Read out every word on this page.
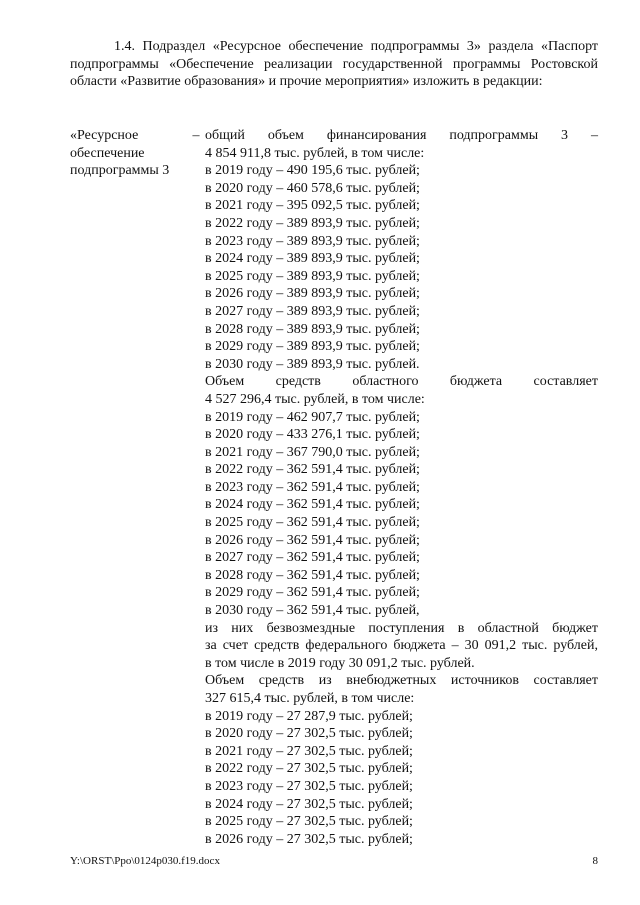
1.4. Подраздел «Ресурсное обеспечение подпрограммы 3» раздела «Паспорт подпрограммы «Обеспечение реализации государственной программы Ростовской области «Развитие образования» и прочие мероприятия» изложить в редакции:

«Ресурсное
обеспечение
подпрограммы 3
– общий объем финансирования подпрограммы 3 –
4 854 911,8 тыс. рублей, в том числе:
в 2019 году – 490 195,6 тыс. рублей;
в 2020 году – 460 578,6 тыс. рублей;
в 2021 году – 395 092,5 тыс. рублей;
в 2022 году – 389 893,9 тыс. рублей;
в 2023 году – 389 893,9 тыс. рублей;
в 2024 году – 389 893,9 тыс. рублей;
в 2025 году – 389 893,9 тыс. рублей;
в 2026 году – 389 893,9 тыс. рублей;
в 2027 году – 389 893,9 тыс. рублей;
в 2028 году – 389 893,9 тыс. рублей;
в 2029 году – 389 893,9 тыс. рублей;
в 2030 году – 389 893,9 тыс. рублей.
Объем средств областного бюджета составляет
4 527 296,4 тыс. рублей, в том числе:
в 2019 году – 462 907,7 тыс. рублей;
в 2020 году – 433 276,1 тыс. рублей;
в 2021 году – 367 790,0 тыс. рублей;
в 2022 году – 362 591,4 тыс. рублей;
в 2023 году – 362 591,4 тыс. рублей;
в 2024 году – 362 591,4 тыс. рублей;
в 2025 году – 362 591,4 тыс. рублей;
в 2026 году – 362 591,4 тыс. рублей;
в 2027 году – 362 591,4 тыс. рублей;
в 2028 году – 362 591,4 тыс. рублей;
в 2029 году – 362 591,4 тыс. рублей;
в 2030 году – 362 591,4 тыс. рублей,
из них безвозмездные поступления в областной бюджет
за счет средств федерального бюджета – 30 091,2 тыс. рублей,
в том числе в 2019 году 30 091,2 тыс. рублей.
Объем средств из внебюджетных источников составляет
327 615,4 тыс. рублей, в том числе:
в 2019 году – 27 287,9 тыс. рублей;
в 2020 году – 27 302,5 тыс. рублей;
в 2021 году – 27 302,5 тыс. рублей;
в 2022 году – 27 302,5 тыс. рублей;
в 2023 году – 27 302,5 тыс. рублей;
в 2024 году – 27 302,5 тыс. рублей;
в 2025 году – 27 302,5 тыс. рублей;
в 2026 году – 27 302,5 тыс. рублей;
Y:\ORST\Ppo\0124p030.f19.docx	8
